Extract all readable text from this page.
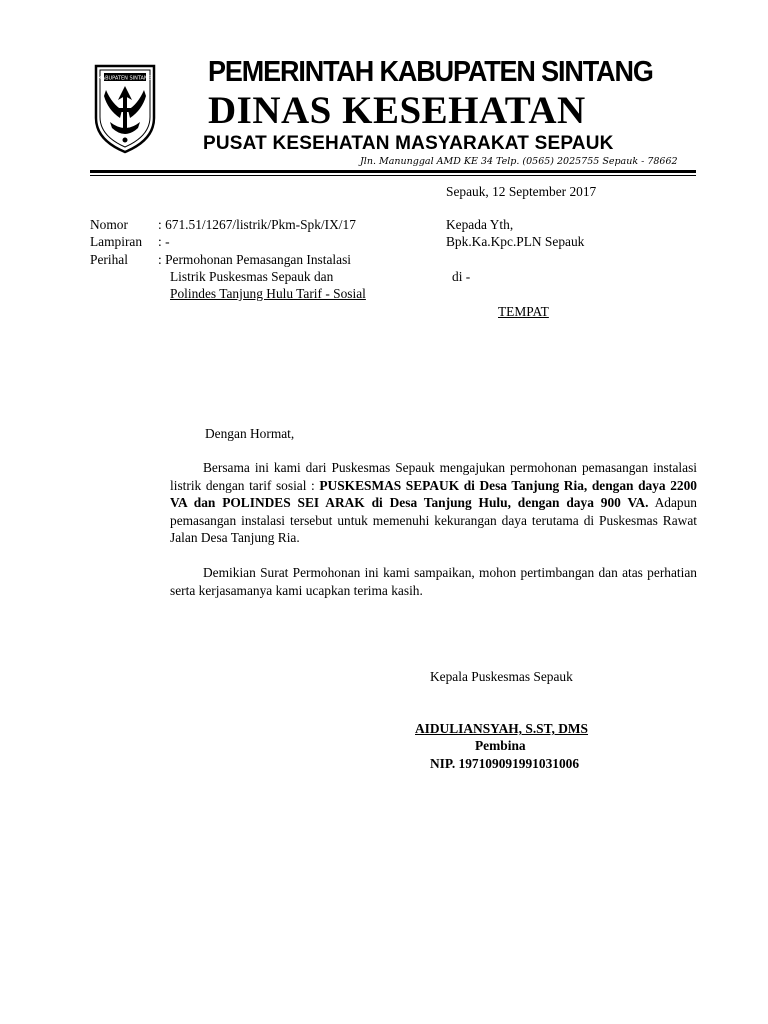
KABUPATEN SINTANG PEMERINTAH KABUPATEN SINTANG
DINAS KESEHATAN
PUSAT KESEHATAN MASYARAKAT SEPAUK
Jln. Manunggal AMD KE 34 Telp. (0565) 2025755 Sepauk - 78662
Sepauk, 12 September 2017
Nomor : 671.51/1267/listrik/Pkm-Spk/IX/17
Lampiran : -
Perihal : Permohonan Pemasangan Instalasi
Listrik Puskesmas Sepauk dan
Polindes Tanjung Hulu Tarif - Sosial
Kepada Yth,
Bpk.Ka.Kpc.PLN Sepauk
di -
TEMPAT
Dengan Hormat,

Bersama ini kami dari Puskesmas Sepauk mengajukan permohonan pemasangan instalasi listrik dengan tarif sosial : PUSKESMAS SEPAUK di Desa Tanjung Ria, dengan daya 2200 VA dan POLINDES SEI ARAK di Desa Tanjung Hulu, dengan daya 900 VA. Adapun pemasangan instalasi tersebut untuk memenuhi kekurangan daya terutama di Puskesmas Rawat Jalan Desa Tanjung Ria.

Demikian Surat Permohonan ini kami sampaikan, mohon pertimbangan dan atas perhatian serta kerjasamanya kami ucapkan terima kasih.

Kepala Puskesmas Sepauk
AIDULIANSYAH, S.ST, DMS
Pembina
NIP. 197109091991031006
